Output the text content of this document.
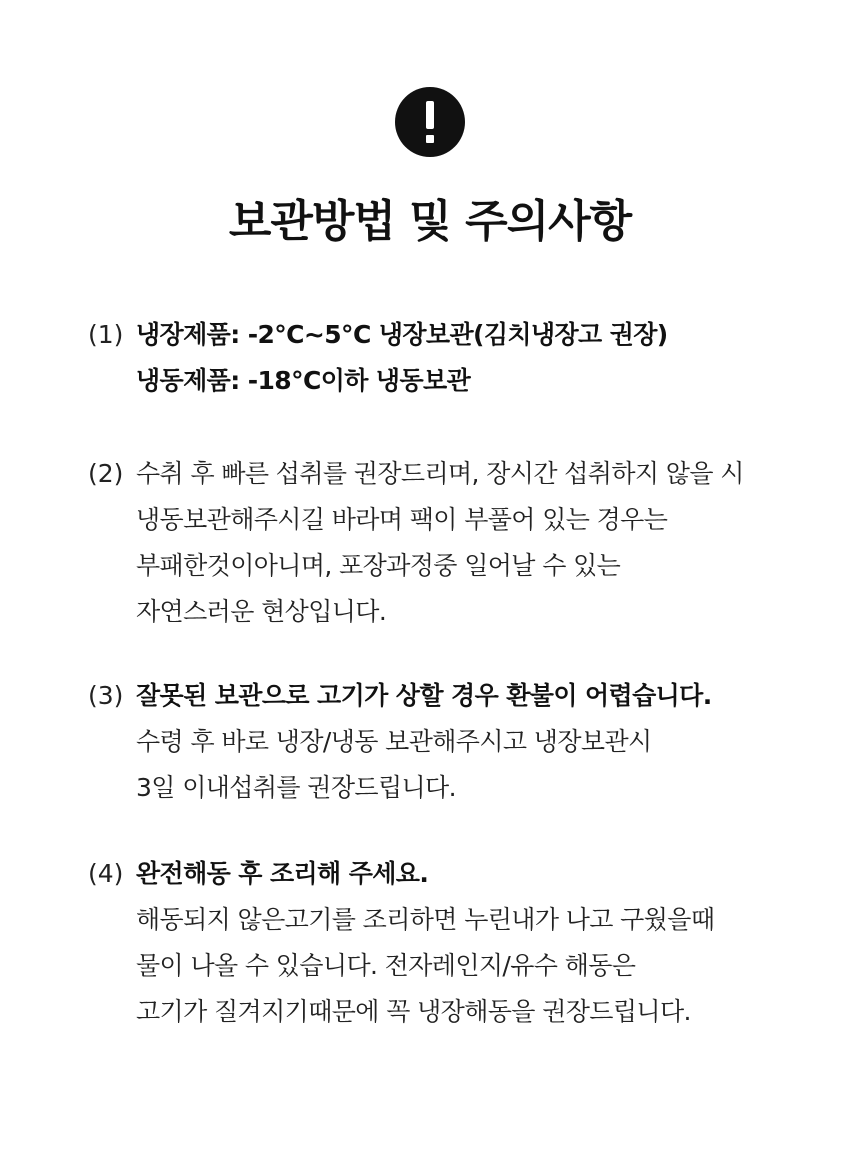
보관방법 및 주의사항
(1) 냉장제품: -2°C~5°C 냉장보관(김치냉장고 권장)
냉동제품: -18°C이하 냉동보관
(2) 수취 후 빠른 섭취를 권장드리며, 장시간 섭취하지 않을 시
냉동보관해주시길 바라며 팩이 부풀어 있는 경우는
부패한것이아니며, 포장과정중 일어날 수 있는
자연스러운 현상입니다.
(3) 잘못된 보관으로 고기가 상할 경우 환불이 어렵습니다.
수령 후 바로 냉장/냉동 보관해주시고 냉장보관시
3일 이내섭취를 권장드립니다.
(4) 완전해동 후 조리해 주세요.
해동되지 않은고기를 조리하면 누린내가 나고 구웠을때
물이 나올 수 있습니다. 전자레인지/유수 해동은
고기가 질겨지기때문에 꼭 냉장해동을 권장드립니다.
